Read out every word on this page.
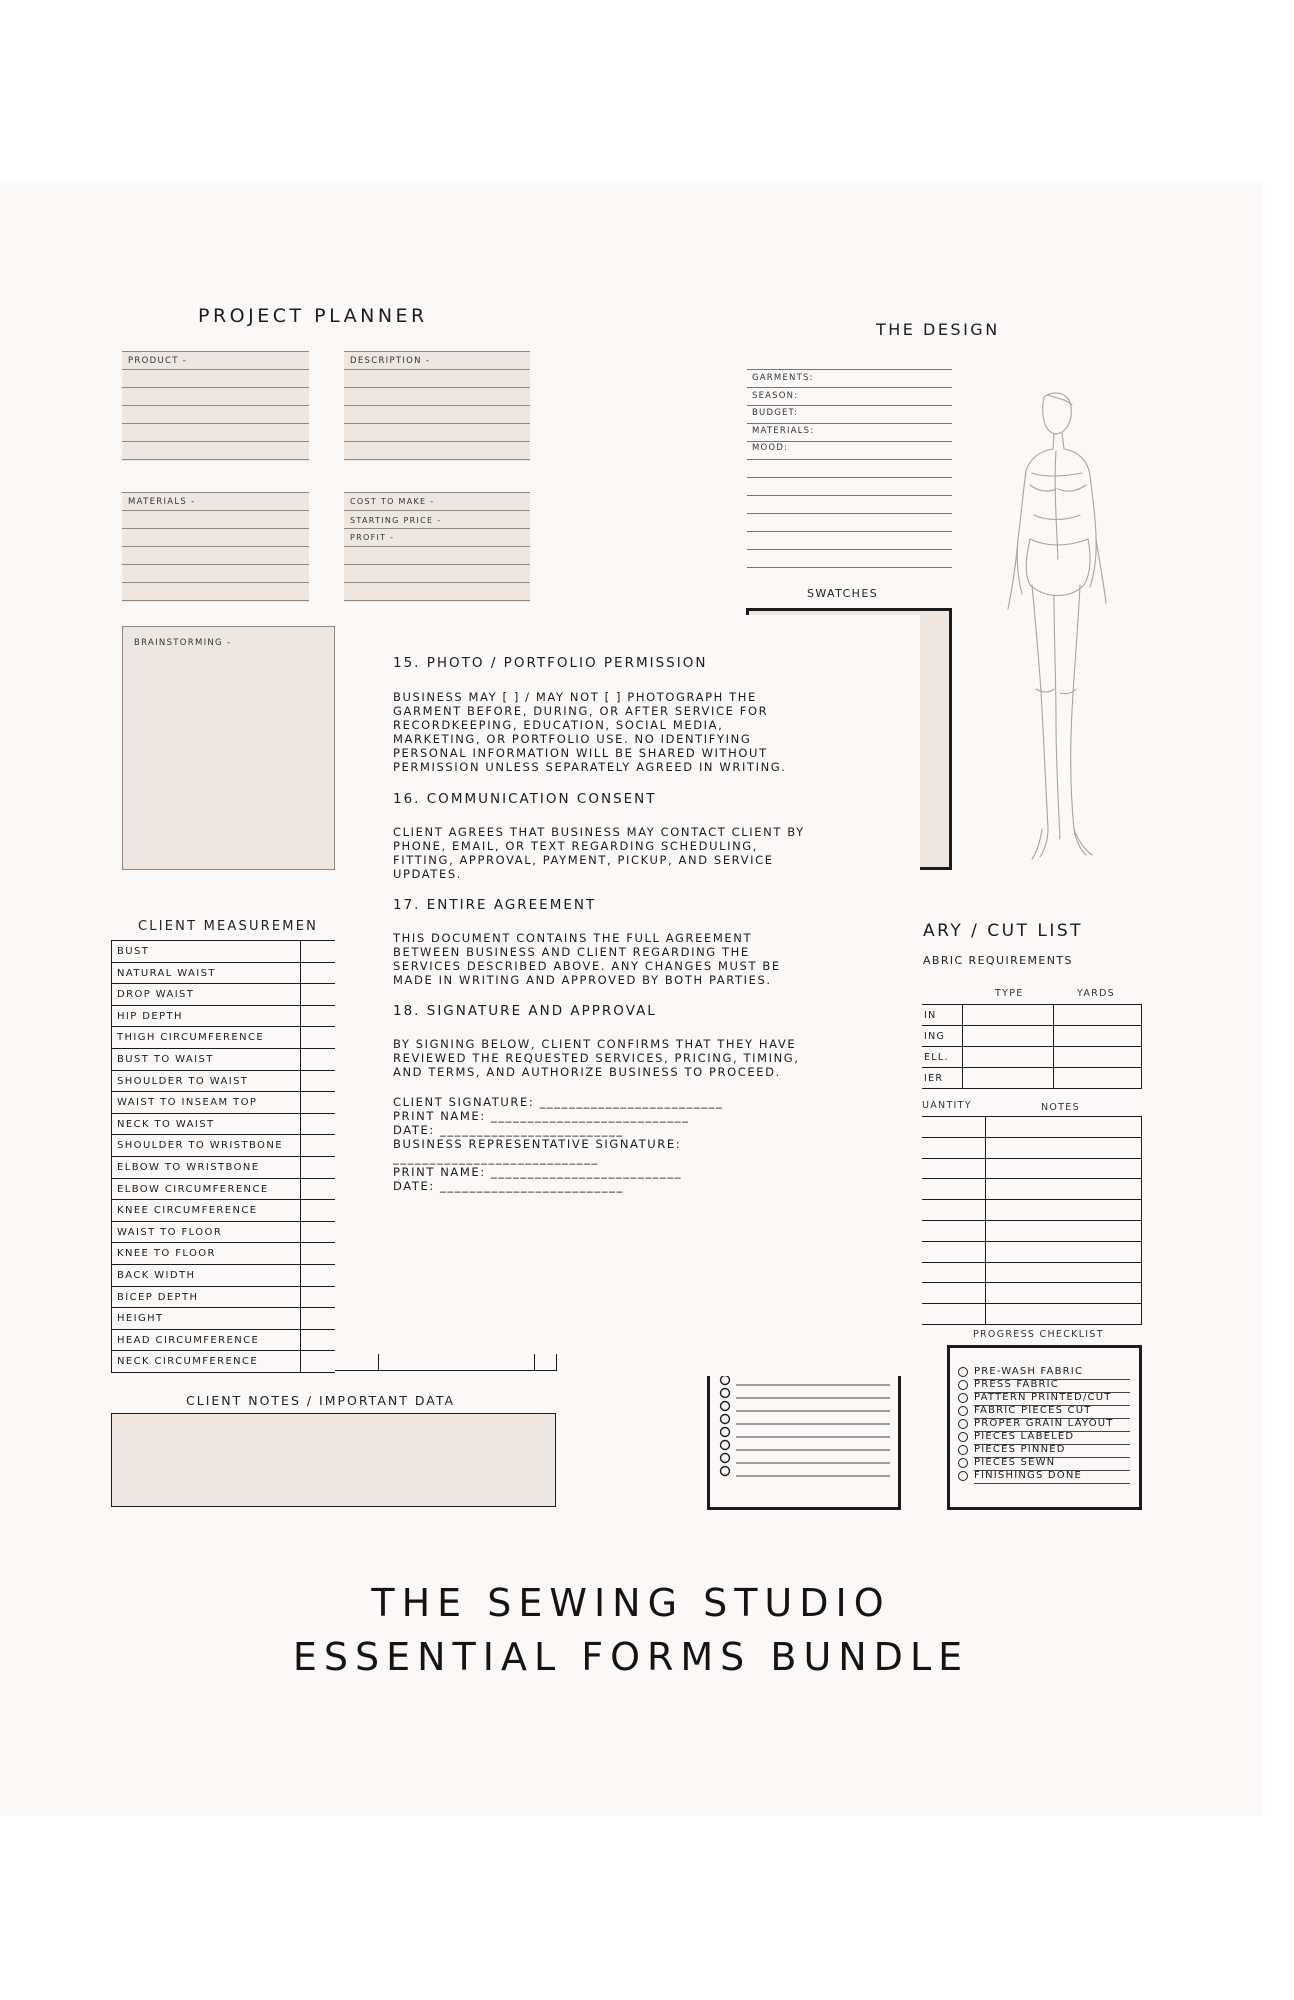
PROJECT PLANNER
PRODUCT -	DESCRIPTION -
MATERIALS -	COST TO MAKE -
STARTING PRICE -
PROFIT -
BRAINSTORMING -
THE DESIGN
GARMENTS:
SEASON:
BUDGET:
MATERIALS:
MOOD:
SWATCHES
CLIENT MEASUREMEN
BUST
NATURAL WAIST
DROP WAIST
HIP DEPTH
THIGH CIRCUMFERENCE
BUST TO WAIST
SHOULDER TO WAIST
WAIST TO INSEAM TOP
NECK TO WAIST
SHOULDER TO WRISTBONE
ELBOW TO WRISTBONE
ELBOW CIRCUMFERENCE
KNEE CIRCUMFERENCE
WAIST TO FLOOR
KNEE TO FLOOR
BACK WIDTH
BICEP DEPTH
HEIGHT
HEAD CIRCUMFERENCE
NECK CIRCUMFERENCE
CLIENT NOTES / IMPORTANT DATA
ARY / CUT LIST
ABRIC REQUIREMENTS
TYPE	YARDS
IN
ING
ELL.
IER
UANTITY	NOTES
PROGRESS CHECKLIST
PRE-WASH FABRIC
PRESS FABRIC
PATTERN PRINTED/CUT
FABRIC PIECES CUT
PROPER GRAIN LAYOUT
PIECES LABELED
PIECES PINNED
PIECES SEWN
FINISHINGS DONE
15. PHOTO / PORTFOLIO PERMISSION
BUSINESS MAY [ ] / MAY NOT [ ] PHOTOGRAPH THE
GARMENT BEFORE, DURING, OR AFTER SERVICE FOR
RECORDKEEPING, EDUCATION, SOCIAL MEDIA,
MARKETING, OR PORTFOLIO USE. NO IDENTIFYING
PERSONAL INFORMATION WILL BE SHARED WITHOUT
PERMISSION UNLESS SEPARATELY AGREED IN WRITING.
16. COMMUNICATION CONSENT
CLIENT AGREES THAT BUSINESS MAY CONTACT CLIENT BY
PHONE, EMAIL, OR TEXT REGARDING SCHEDULING,
FITTING, APPROVAL, PAYMENT, PICKUP, AND SERVICE
UPDATES.
17. ENTIRE AGREEMENT
THIS DOCUMENT CONTAINS THE FULL AGREEMENT
BETWEEN BUSINESS AND CLIENT REGARDING THE
SERVICES DESCRIBED ABOVE. ANY CHANGES MUST BE
MADE IN WRITING AND APPROVED BY BOTH PARTIES.
18. SIGNATURE AND APPROVAL
BY SIGNING BELOW, CLIENT CONFIRMS THAT THEY HAVE
REVIEWED THE REQUESTED SERVICES, PRICING, TIMING,
AND TERMS, AND AUTHORIZE BUSINESS TO PROCEED.
CLIENT SIGNATURE: _________________________
PRINT NAME: ___________________________
DATE: _________________________
BUSINESS REPRESENTATIVE SIGNATURE:
____________________________
PRINT NAME: __________________________
DATE: _________________________
THE SEWING STUDIO
ESSENTIAL FORMS BUNDLE
